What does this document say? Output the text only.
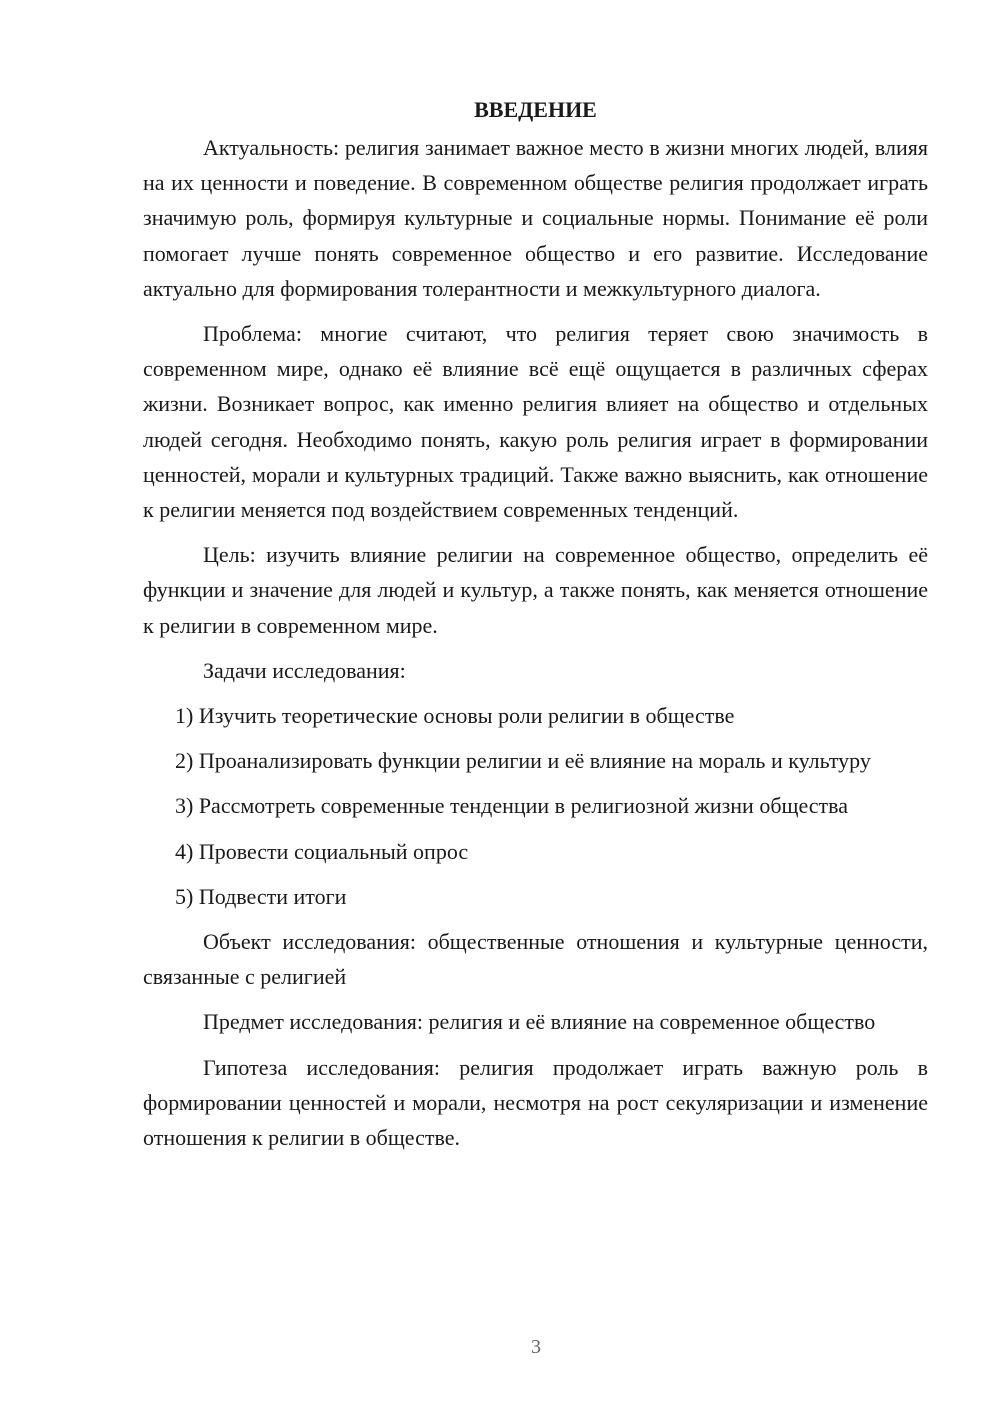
ВВЕДЕНИЕ

Актуальность: религия занимает важное место в жизни многих людей, влияя на их ценности и поведение. В современном обществе религия продолжает играть значимую роль, формируя культурные и социальные нормы. Понимание её роли помогает лучше понять современное общество и его развитие. Исследование актуально для формирования толерантности и межкультурного диалога.

Проблема: многие считают, что религия теряет свою значимость в современном мире, однако её влияние всё ещё ощущается в различных сферах жизни. Возникает вопрос, как именно религия влияет на общество и отдельных людей сегодня. Необходимо понять, какую роль религия играет в формировании ценностей, морали и культурных традиций. Также важно выяснить, как отношение к религии меняется под воздействием современных тенденций.

Цель: изучить влияние религии на современное общество, определить её функции и значение для людей и культур, а также понять, как меняется отношение к религии в современном мире.

Задачи исследования:

1) Изучить теоретические основы роли религии в обществе

2) Проанализировать функции религии и её влияние на мораль и культуру

3) Рассмотреть современные тенденции в религиозной жизни общества

4) Провести социальный опрос

5) Подвести итоги

Объект исследования: общественные отношения и культурные ценности, связанные с религией

Предмет исследования: религия и её влияние на современное общество

Гипотеза исследования: религия продолжает играть важную роль в формировании ценностей и морали, несмотря на рост секуляризации и изменение отношения к религии в обществе.

3
